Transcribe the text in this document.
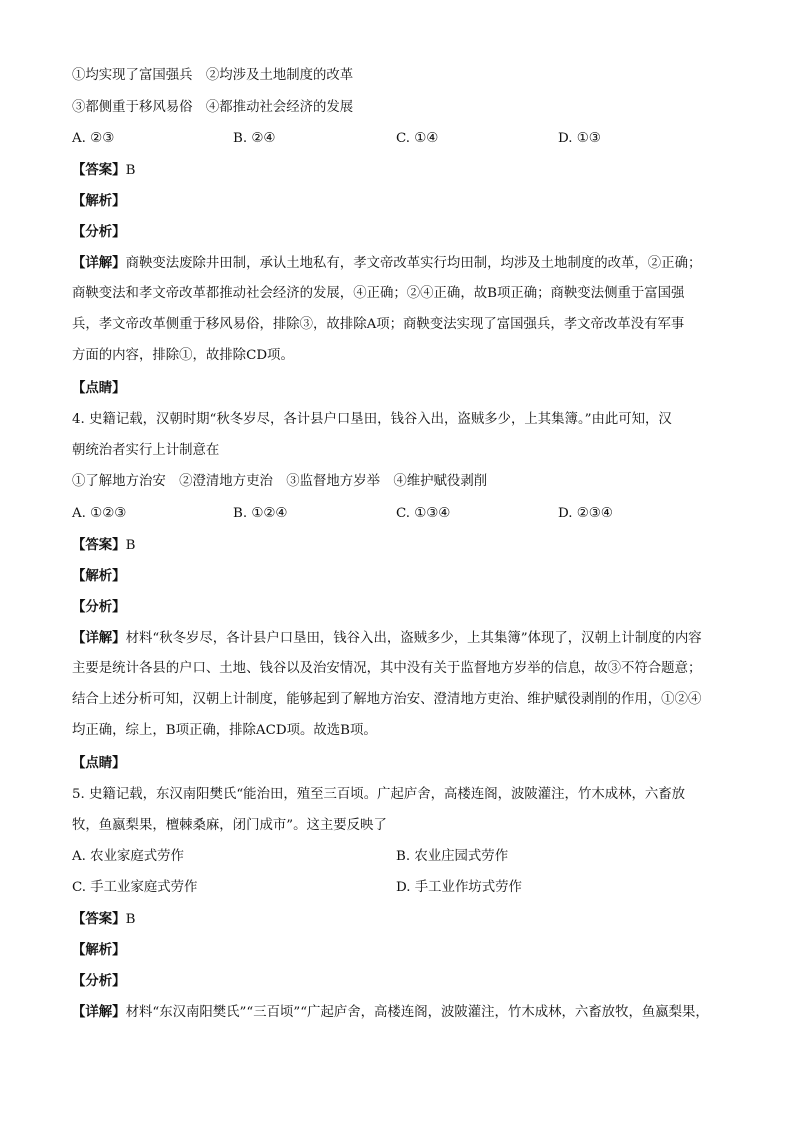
①均实现了富国强兵　②均涉及土地制度的改革
③都侧重于移风易俗　④都推动社会经济的发展
A. ②③	B. ②④	C. ①④	D. ①③
【答案】B
【解析】
【分析】
【详解】商鞅变法废除井田制，承认土地私有，孝文帝改革实行均田制，均涉及土地制度的改革，②正确；
商鞅变法和孝文帝改革都推动社会经济的发展，④正确；②④正确，故B项正确；商鞅变法侧重于富国强
兵，孝文帝改革侧重于移风易俗，排除③，故排除A项；商鞅变法实现了富国强兵，孝文帝改革没有军事
方面的内容，排除①，故排除CD项。
【点睛】
4. 史籍记载，汉朝时期“秋冬岁尽，各计县户口垦田，钱谷入出，盗贼多少，上其集簿。”由此可知，汉
朝统治者实行上计制意在
①了解地方治安　②澄清地方吏治　③监督地方岁举　④维护赋役剥削
A. ①②③	B. ①②④	C. ①③④	D. ②③④
【答案】B
【解析】
【分析】
【详解】材料“秋冬岁尽，各计县户口垦田，钱谷入出，盗贼多少，上其集簿”体现了，汉朝上计制度的内容
主要是统计各县的户口、土地、钱谷以及治安情况，其中没有关于监督地方岁举的信息，故③不符合题意；
结合上述分析可知，汉朝上计制度，能够起到了解地方治安、澄清地方吏治、维护赋役剥削的作用，①②④
均正确，综上，B项正确，排除ACD项。故选B项。
【点睛】
5. 史籍记载，东汉南阳樊氏“能治田，殖至三百顷。广起庐舍，高楼连阁，波陂灌注，竹木成林，六畜放
牧，鱼嬴梨果，檀棘桑麻，闭门成市”。这主要反映了
A. 农业家庭式劳作	B. 农业庄园式劳作
C. 手工业家庭式劳作	D. 手工业作坊式劳作
【答案】B
【解析】
【分析】
【详解】材料“东汉南阳樊氏”“三百顷”“广起庐舍，高楼连阁，波陂灌注，竹木成林，六畜放牧，鱼嬴梨果，
